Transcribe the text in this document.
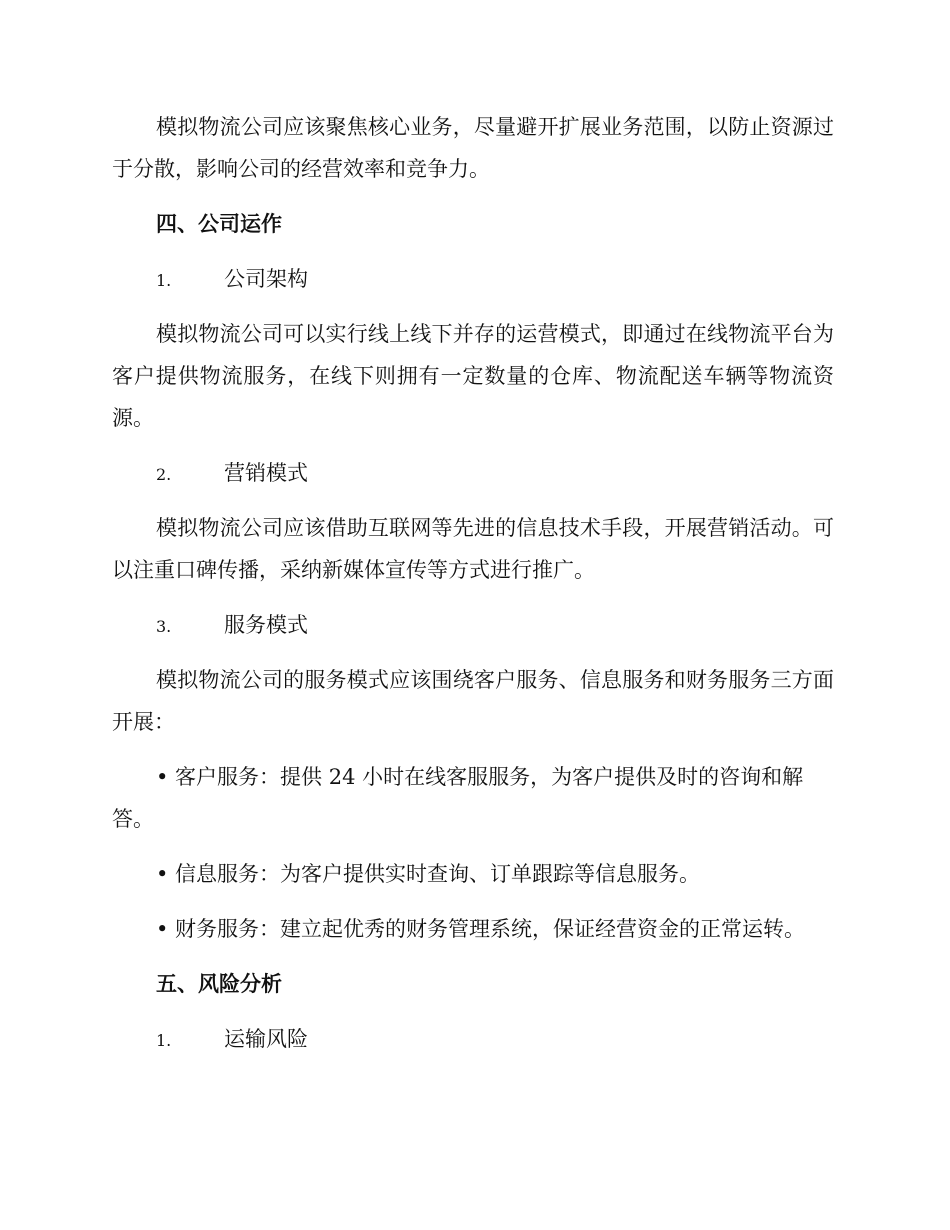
模拟物流公司应该聚焦核心业务，尽量避开扩展业务范围，以防止资源过于分散，影响公司的经营效率和竞争力。

四、公司运作

1.	公司架构

模拟物流公司可以实行线上线下并存的运营模式，即通过在线物流平台为客户提供物流服务，在线下则拥有一定数量的仓库、物流配送车辆等物流资源。

2.	营销模式

模拟物流公司应该借助互联网等先进的信息技术手段，开展营销活动。可以注重口碑传播，采纳新媒体宣传等方式进行推广。

3.	服务模式

模拟物流公司的服务模式应该围绕客户服务、信息服务和财务服务三方面开展：

• 客户服务：提供 24 小时在线客服服务，为客户提供及时的咨询和解答。

• 信息服务：为客户提供实时查询、订单跟踪等信息服务。

• 财务服务：建立起优秀的财务管理系统，保证经营资金的正常运转。

五、风险分析

1.	运输风险
